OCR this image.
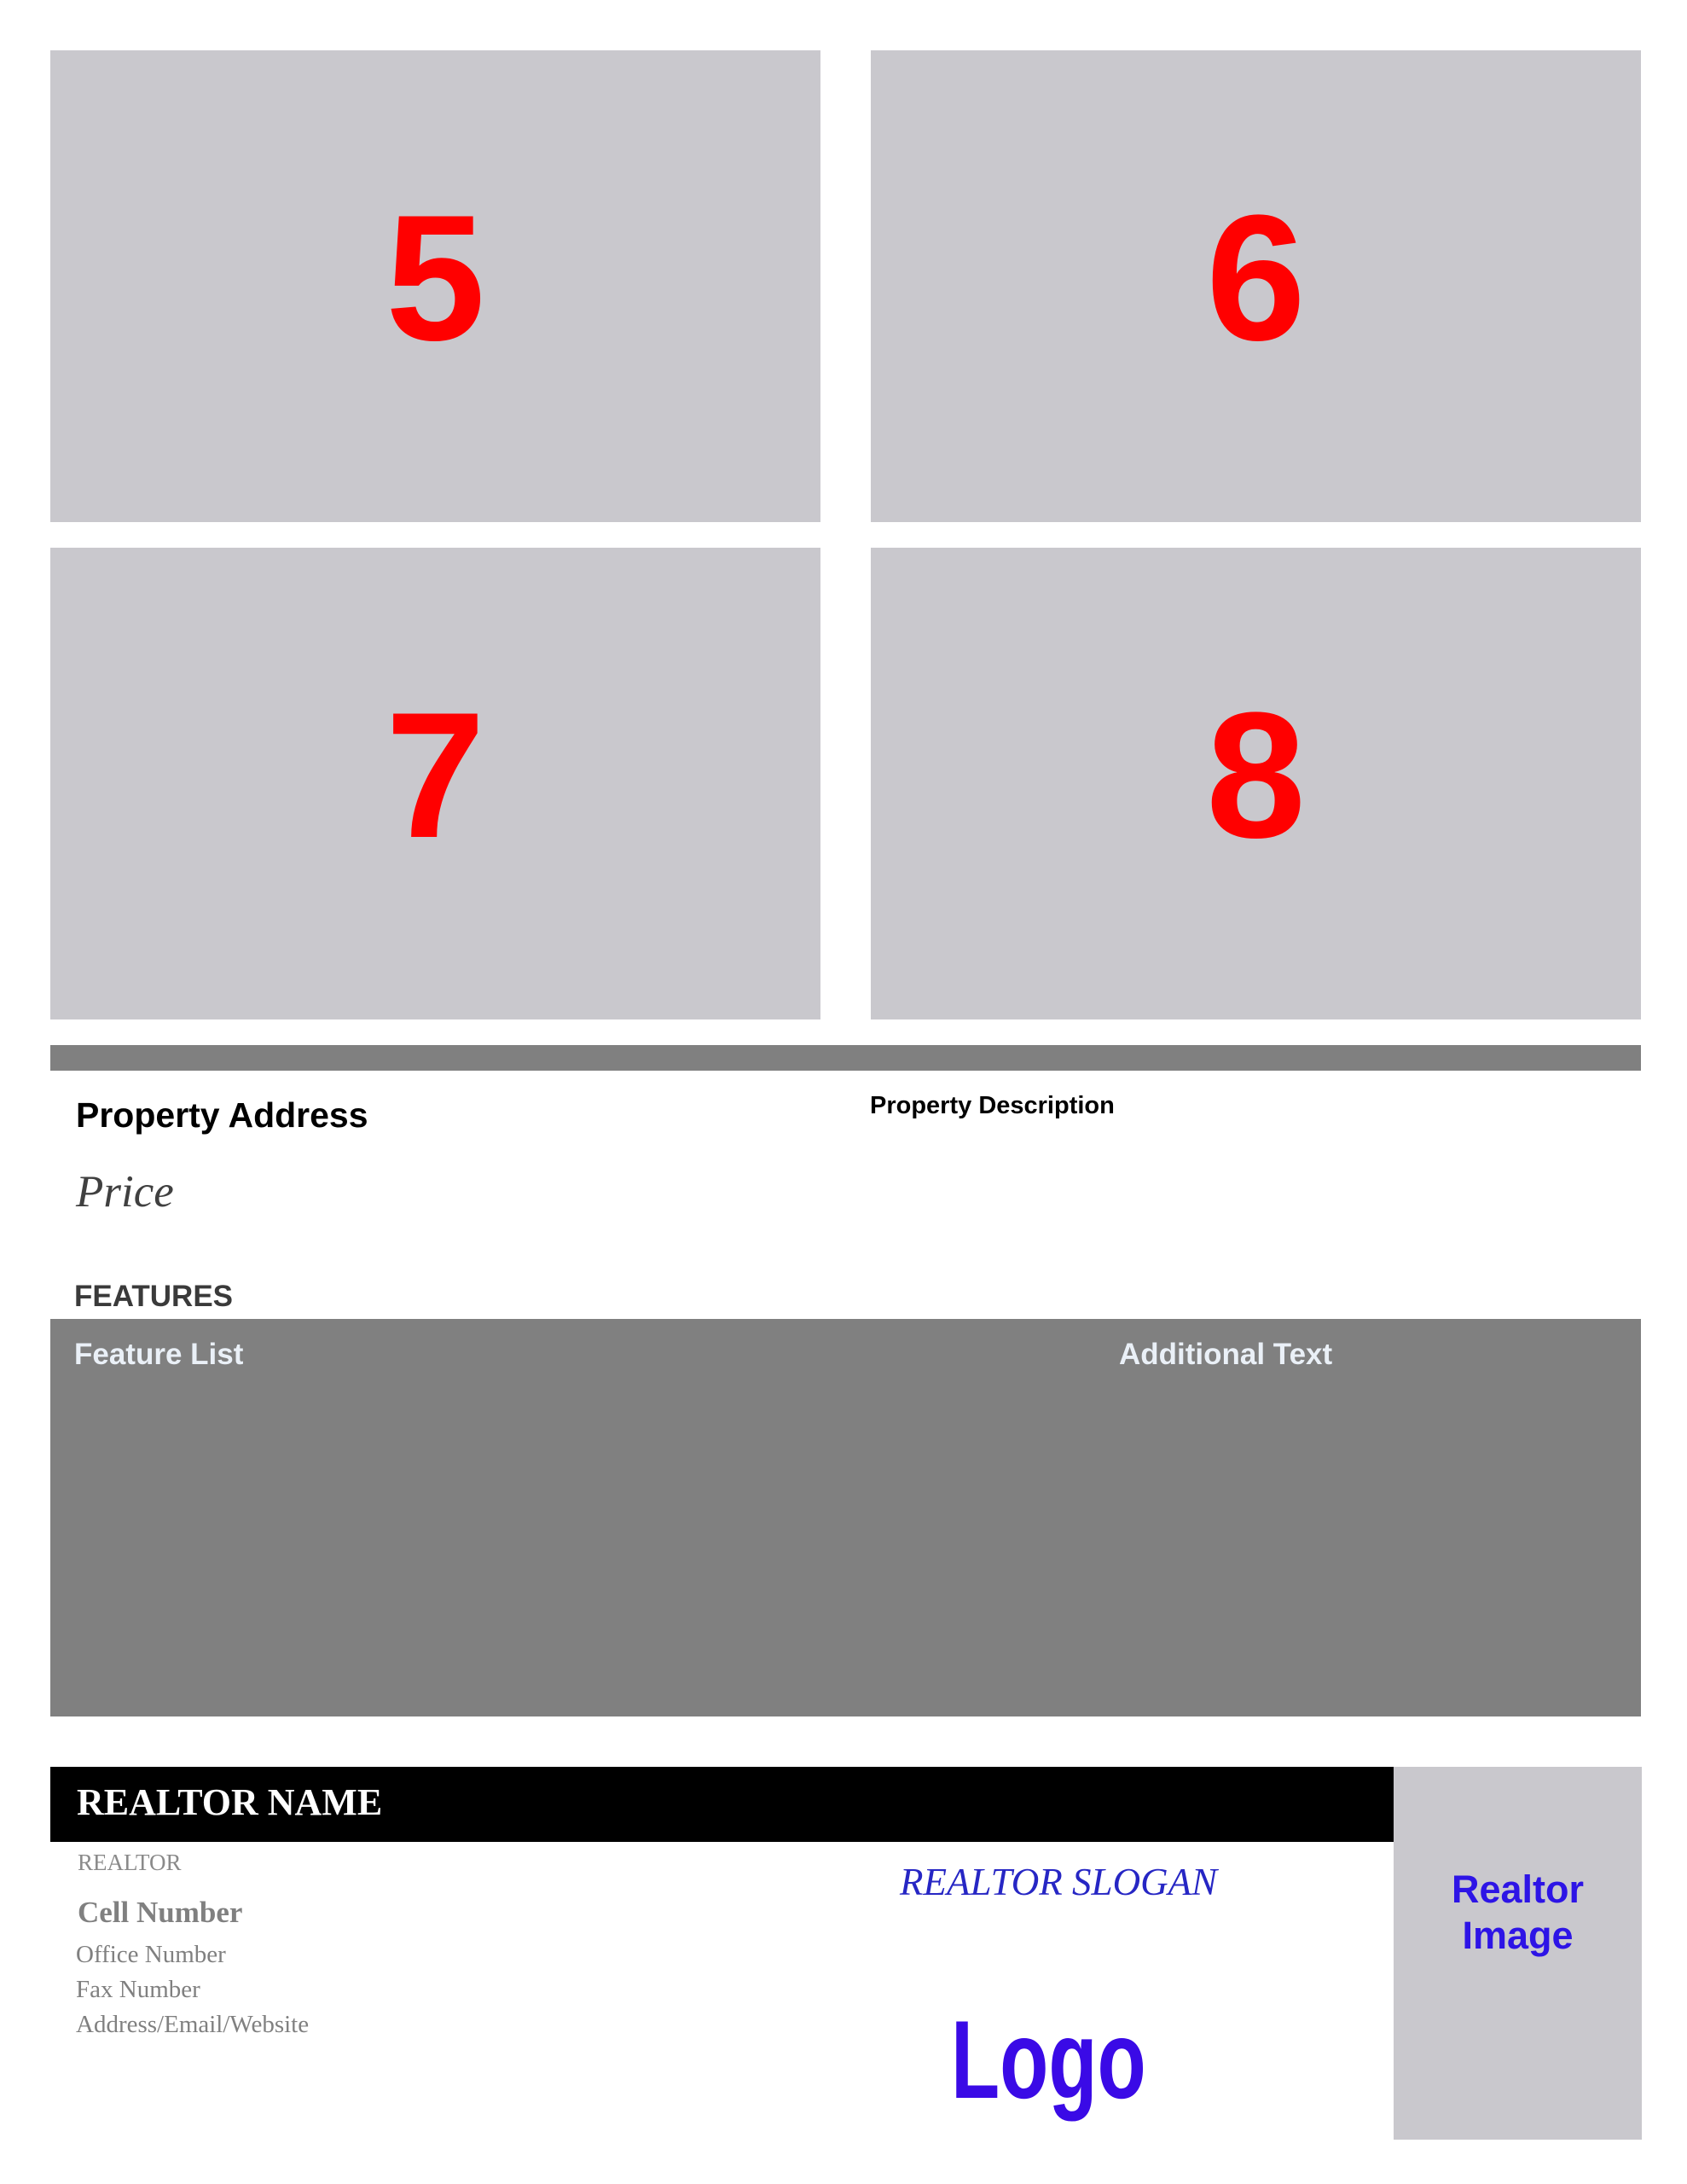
5	6
7	8
Property Address
Price
Property Description
FEATURES
Feature List	Additional Text
REALTOR NAME
REALTOR
Cell Number
Office Number
Fax Number
Address/Email/Website
REALTOR SLOGAN
Logo
Realtor
Image
